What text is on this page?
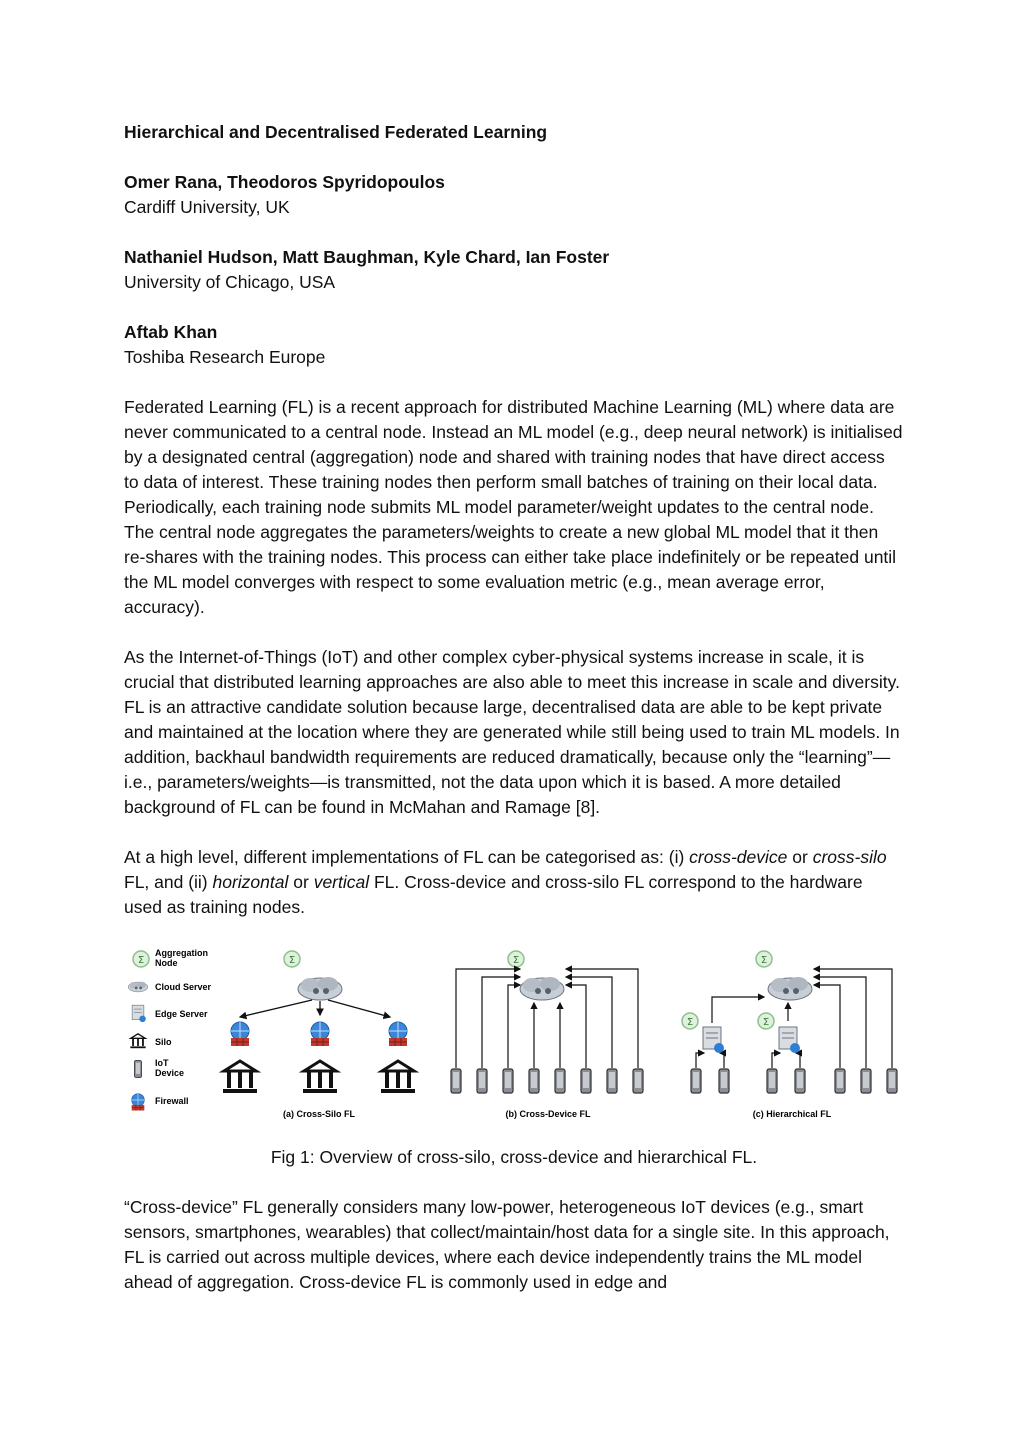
Hierarchical and Decentralised Federated Learning
Omer Rana, Theodoros Spyridopoulos
Cardiff University, UK
Nathaniel Hudson, Matt Baughman, Kyle Chard, Ian Foster
University of Chicago, USA
Aftab Khan
Toshiba Research Europe

Federated Learning (FL) is a recent approach for distributed Machine Learning (ML) where data are never communicated to a central node. Instead an ML model (e.g., deep neural network) is initialised by a designated central (aggregation) node and shared with training nodes that have direct access to data of interest. These training nodes then perform small batches of training on their local data. Periodically, each training node submits ML model parameter/weight updates to the central node. The central node aggregates the parameters/weights to create a new global ML model that it then re-shares with the training nodes. This process can either take place indefinitely or be repeated until the ML model converges with respect to some evaluation metric (e.g., mean average error, accuracy).

As the Internet-of-Things (IoT) and other complex cyber-physical systems increase in scale, it is crucial that distributed learning approaches are also able to meet this increase in scale and diversity. FL is an attractive candidate solution because large, decentralised data are able to be kept private and maintained at the location where they are generated while still being used to train ML models. In addition, backhaul bandwidth requirements are reduced dramatically, because only the “learning”—i.e., parameters/weights—is transmitted, not the data upon which it is based. A more detailed background of FL can be found in McMahan and Ramage [8].

At a high level, different implementations of FL can be categorised as: (i) cross-device or cross-silo FL, and (ii) horizontal or vertical FL. Cross-device and cross-silo FL correspond to the hardware used as training nodes.

Σ
Aggregation
Node
Cloud Server
Edge Server
Silo
IoT
Device
Firewall
Σ
(a) Cross-Silo FL
Σ
(b) Cross-Device FL
Σ
Σ	Σ
(c) Hierarchical FL
Fig 1: Overview of cross-silo, cross-device and hierarchical FL.

“Cross-device” FL generally considers many low-power, heterogeneous IoT devices (e.g., smart sensors, smartphones, wearables) that collect/maintain/host data for a single site. In this approach, FL is carried out across multiple devices, where each device independently trains the ML model ahead of aggregation. Cross-device FL is commonly used in edge and
